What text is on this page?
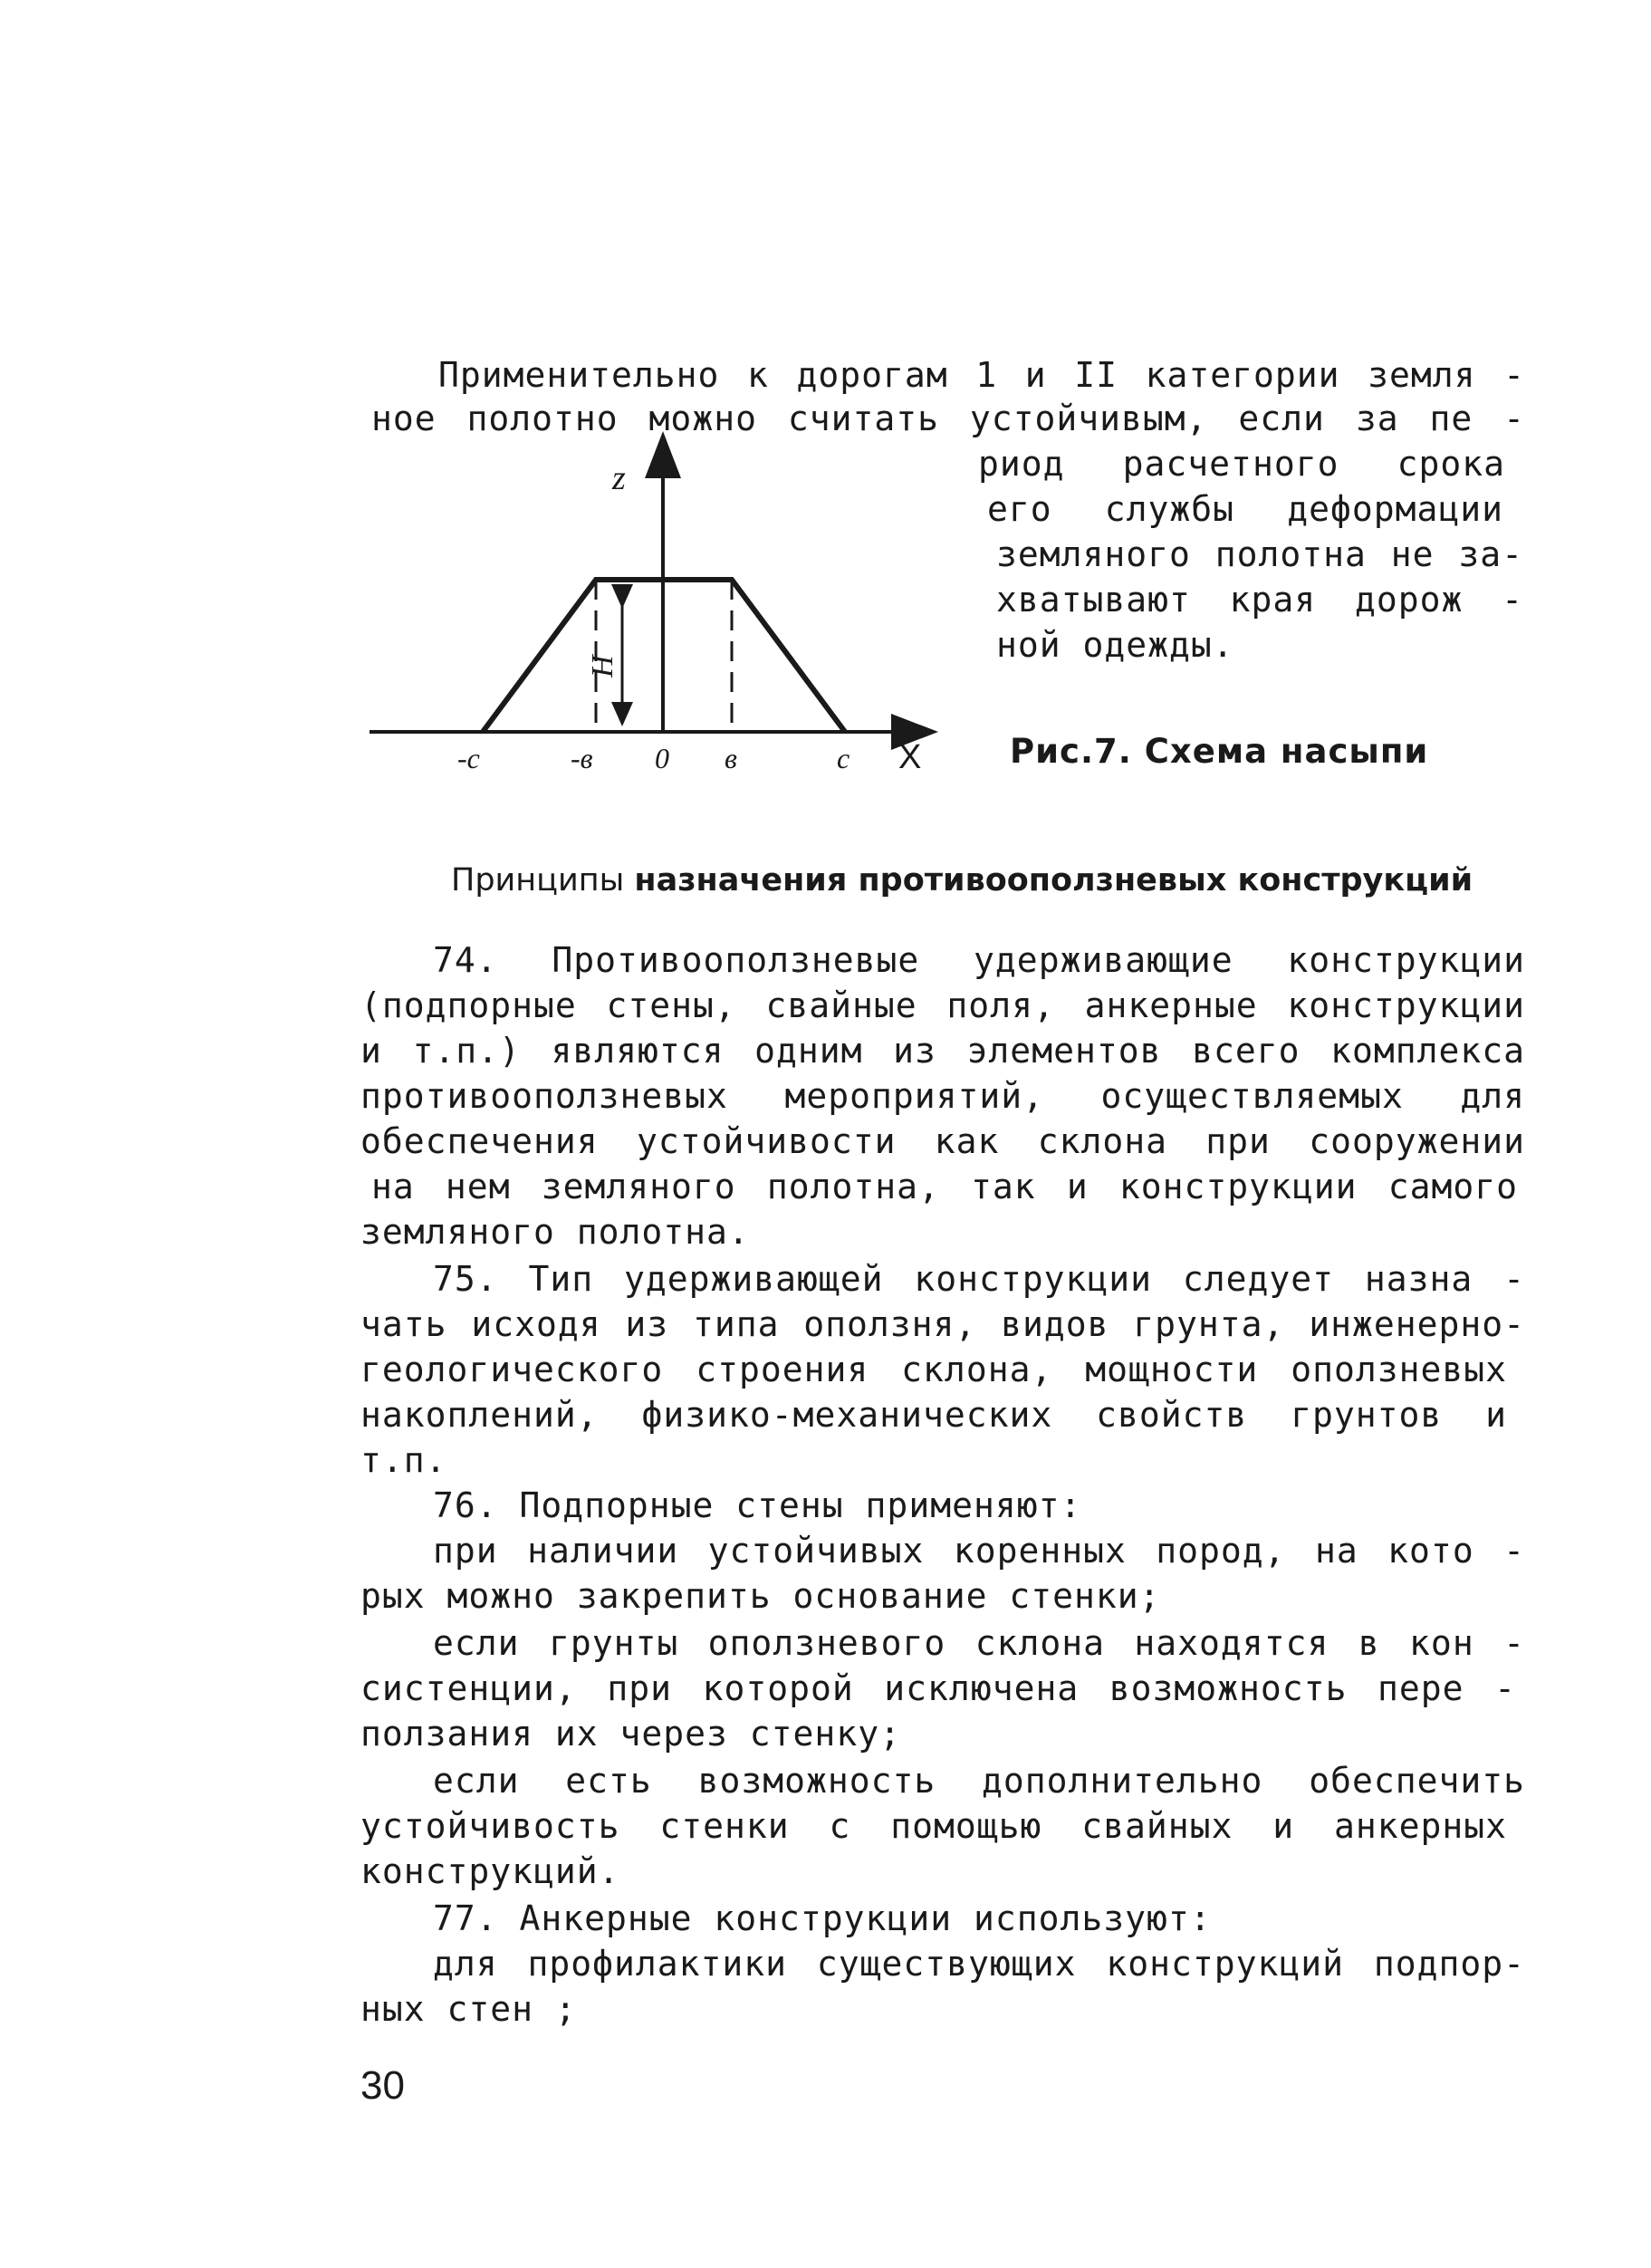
Применительно к дорогам 1 и II категории земля -
ное полотно можно считать устойчивым, если за пе -
риод расчетного срока
его службы деформации
земляного полотна не за-
хватывают края дорож -
ной одежды.
z
H
X
-c	-в 0 в	c	Рис.7. Схема насыпи
Принципы назначения противооползневых конструкций
74. Противооползневые удерживающие конструкции
(подпорные стены, свайные поля, анкерные конструкции
и т.п.) являются одним из элементов всего комплекса
противооползневых мероприятий, осуществляемых для
обеспечения устойчивости как склона при сооружении
на нем земляного полотна, так и конструкции самого
земляного полотна.
75. Тип удерживающей конструкции следует назна -
чать исходя из типа оползня, видов грунта, инженерно-
геологического строения склона, мощности оползневых
накоплений, физико-механических свойств грунтов и
т.п.
76. Подпорные стены применяют:
при наличии устойчивых коренных пород, на кото -
рых можно закрепить основание стенки;
если грунты оползневого склона находятся в кон -
систенции, при которой исключена возможность пере -
ползания их через стенку;
если есть возможность дополнительно обеспечить
устойчивость стенки с помощью свайных и анкерных
конструкций.
77. Анкерные конструкции используют:
для профилактики существующих конструкций подпор-
ных стен ;
30
